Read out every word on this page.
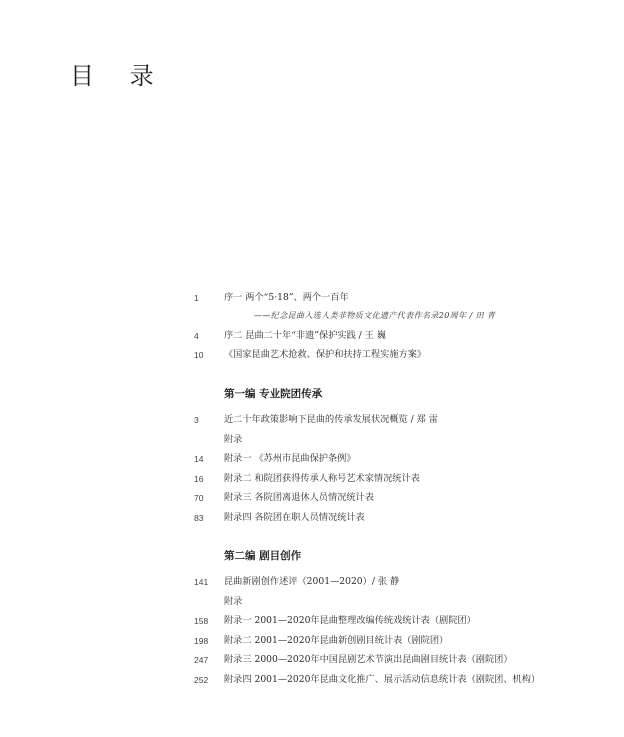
目 录
1	序一 两个“5·18”、两个一百年
——纪念昆曲入选人类非物质文化遗产代表作名录20周年 / 田 青
4	序二 昆曲二十年“非遗”保护实践 / 王 巍
10	《国家昆曲艺术抢救、保护和扶持工程实施方案》
第一编 专业院团传承
3	近二十年政策影响下昆曲的传承发展状况概览 / 郑 雷
附录
14	附录一 《苏州市昆曲保护条例》
16	附录二 和院团获得传承人称号艺术家情况统计表
70	附录三 各院团离退休人员情况统计表
83	附录四 各院团在职人员情况统计表
第二编 剧目创作
141	昆曲新剧创作述评（2001—2020）/ 张 静
附录
158	附录一 2001—2020年昆曲整理改编传统戏统计表（剧院团）
198	附录二 2001—2020年昆曲新创剧目统计表（剧院团）
247	附录三 2000—2020年中国昆剧艺术节演出昆曲剧目统计表（剧院团）
252	附录四 2001—2020年昆曲文化推广、展示活动信息统计表（剧院团、机构）
